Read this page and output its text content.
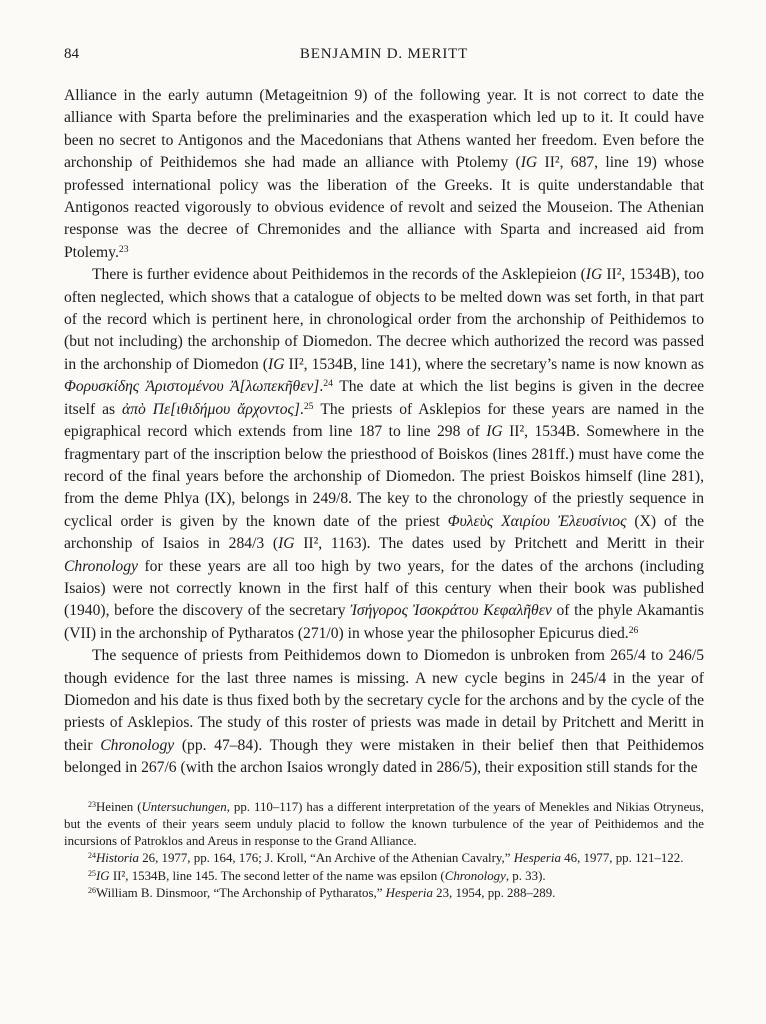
84	BENJAMIN D. MERITT

Alliance in the early autumn (Metageitnion 9) of the following year. It is not correct to date the alliance with Sparta before the preliminaries and the exasperation which led up to it. It could have been no secret to Antigonos and the Macedonians that Athens wanted her freedom. Even before the archonship of Peithidemos she had made an alliance with Ptolemy (IG II², 687, line 19) whose professed international policy was the liberation of the Greeks. It is quite understandable that Antigonos reacted vigorously to obvious evidence of revolt and seized the Mouseion. The Athenian response was the decree of Chremonides and the alliance with Sparta and increased aid from Ptolemy.$^{23}$

There is further evidence about Peithidemos in the records of the Asklepieion (IG II², 1534B), too often neglected, which shows that a catalogue of objects to be melted down was set forth, in that part of the record which is pertinent here, in chronological order from the archonship of Peithidemos to (but not including) the archonship of Diomedon. The decree which authorized the record was passed in the archonship of Diomedon (IG II², 1534B, line 141), where the secretary’s name is now known as Φορυσκίδης Ἀριστομένου Ἀ[λωπεκῆθεν].$^{24}$ The date at which the list begins is given in the decree itself as ἀπὸ Πε[ιθιδήμου ἄρχοντος].$^{25}$ The priests of Asklepios for these years are named in the epigraphical record which extends from line 187 to line 298 of IG II², 1534B. Somewhere in the fragmentary part of the inscription below the priesthood of Boiskos (lines 281ff.) must have come the record of the final years before the archonship of Diomedon. The priest Boiskos himself (line 281), from the deme Phlya (IX), belongs in 249/8. The key to the chronology of the priestly sequence in cyclical order is given by the known date of the priest Φυλεὺς Χαιρίου Ἐλευσίνιος (X) of the archonship of Isaios in 284/3 (IG II², 1163). The dates used by Pritchett and Meritt in their Chronology for these years are all too high by two years, for the dates of the archons (including Isaios) were not correctly known in the first half of this century when their book was published (1940), before the discovery of the secretary Ἰσήγορος Ἰσοκράτου Κεφαλῆθεν of the phyle Akamantis (VII) in the archonship of Pytharatos (271/0) in whose year the philosopher Epicurus died.$^{26}$

The sequence of priests from Peithidemos down to Diomedon is unbroken from 265/4 to 246/5 though evidence for the last three names is missing. A new cycle begins in 245/4 in the year of Diomedon and his date is thus fixed both by the secretary cycle for the archons and by the cycle of the priests of Asklepios. The study of this roster of priests was made in detail by Pritchett and Meritt in their Chronology (pp. 47–84). Though they were mistaken in their belief then that Peithidemos belonged in 267/6 (with the archon Isaios wrongly dated in 286/5), their exposition still stands for the

$^{23}$Heinen (Untersuchungen, pp. 110–117) has a different interpretation of the years of Menekles and Nikias Otryneus, but the events of their years seem unduly placid to follow the known turbulence of the year of Peithidemos and the incursions of Patroklos and Areus in response to the Grand Alliance.

$^{24}$Historia 26, 1977, pp. 164, 176; J. Kroll, “An Archive of the Athenian Cavalry,” Hesperia 46, 1977, pp. 121–122.

$^{25}$IG II², 1534B, line 145. The second letter of the name was epsilon (Chronology, p. 33).

$^{26}$William B. Dinsmoor, “The Archonship of Pytharatos,” Hesperia 23, 1954, pp. 288–289.
